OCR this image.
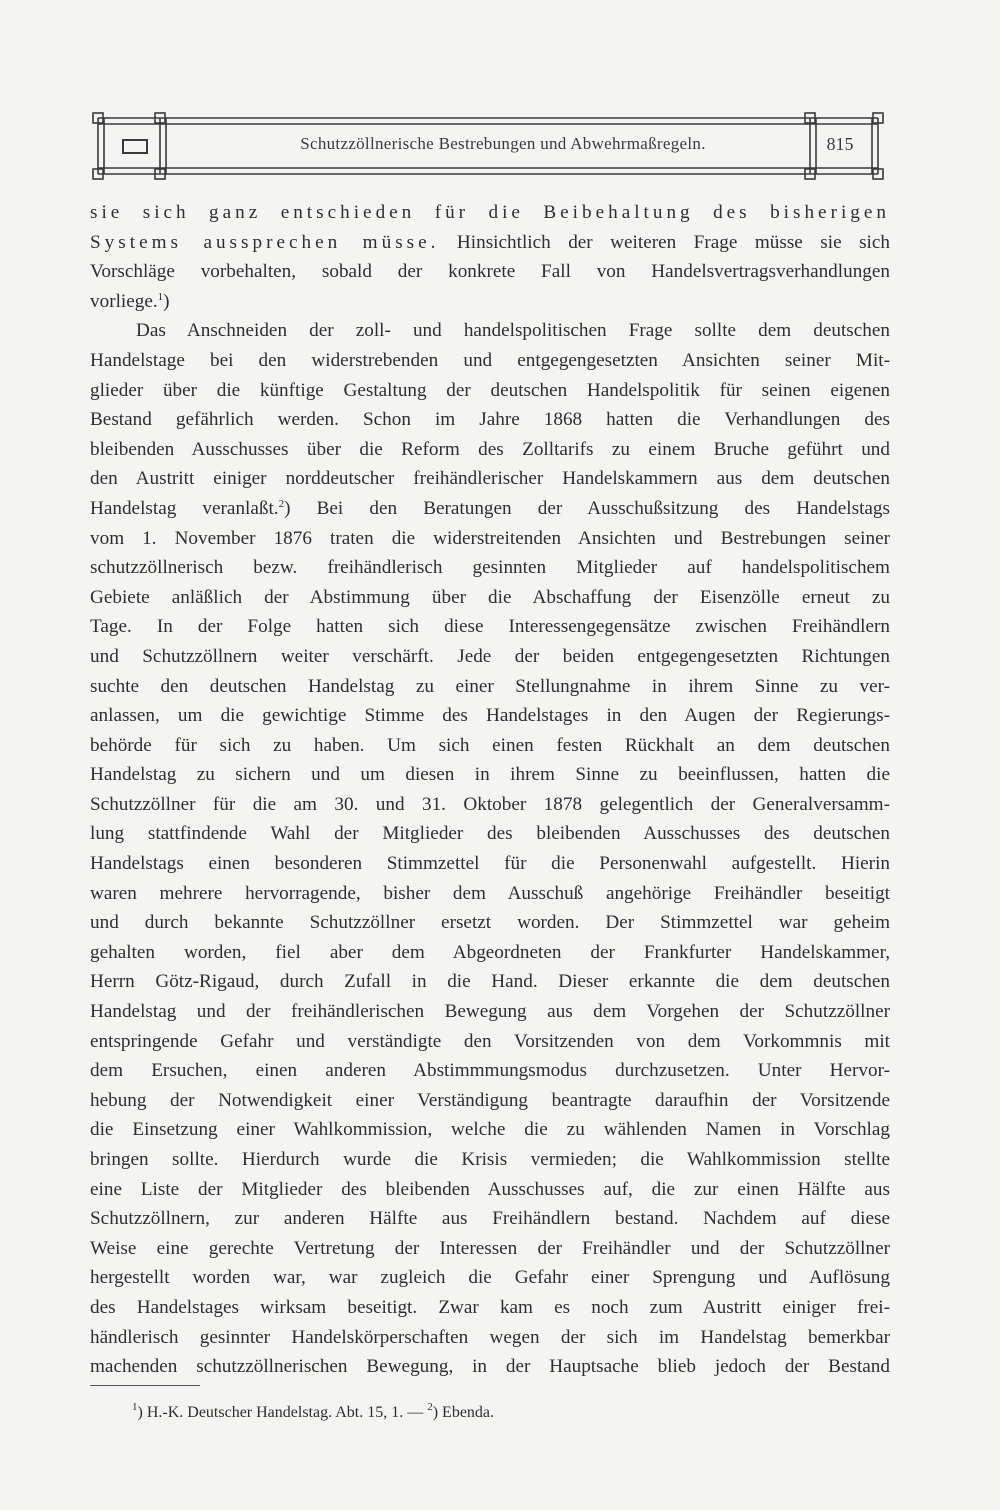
Schutzzöllnerische Bestrebungen und Abwehrmaßregeln.	815
sie sich ganz entschieden für die Beibehaltung des bisherigen
Systems aussprechen müsse. Hinsichtlich der weiteren Frage müsse sie sich
Vorschläge vorbehalten, sobald der konkrete Fall von Handelsvertragsverhandlungen
vorliege.$^1$)
Das Anschneiden der zoll- und handelspolitischen Frage sollte dem deutschen
Handelstage bei den widerstrebenden und entgegengesetzten Ansichten seiner Mit-
glieder über die künftige Gestaltung der deutschen Handelspolitik für seinen eigenen
Bestand gefährlich werden. Schon im Jahre 1868 hatten die Verhandlungen des
bleibenden Ausschusses über die Reform des Zolltarifs zu einem Bruche geführt und
den Austritt einiger norddeutscher freihändlerischer Handelskammern aus dem deutschen
Handelstag veranlaßt.$^2$) Bei den Beratungen der Ausschußsitzung des Handelstags
vom 1. November 1876 traten die widerstreitenden Ansichten und Bestrebungen seiner
schutzzöllnerisch bezw. freihändlerisch gesinnten Mitglieder auf handelspolitischem
Gebiete anläßlich der Abstimmung über die Abschaffung der Eisenzölle erneut zu
Tage. In der Folge hatten sich diese Interessengegensätze zwischen Freihändlern
und Schutzzöllnern weiter verschärft. Jede der beiden entgegengesetzten Richtungen
suchte den deutschen Handelstag zu einer Stellungnahme in ihrem Sinne zu ver-
anlassen, um die gewichtige Stimme des Handelstages in den Augen der Regierungs-
behörde für sich zu haben. Um sich einen festen Rückhalt an dem deutschen
Handelstag zu sichern und um diesen in ihrem Sinne zu beeinflussen, hatten die
Schutzzöllner für die am 30. und 31. Oktober 1878 gelegentlich der Generalversamm-
lung stattfindende Wahl der Mitglieder des bleibenden Ausschusses des deutschen
Handelstags einen besonderen Stimmzettel für die Personenwahl aufgestellt. Hierin
waren mehrere hervorragende, bisher dem Ausschuß angehörige Freihändler beseitigt
und durch bekannte Schutzzöllner ersetzt worden. Der Stimmzettel war geheim
gehalten worden, fiel aber dem Abgeordneten der Frankfurter Handelskammer,
Herrn Götz-Rigaud, durch Zufall in die Hand. Dieser erkannte die dem deutschen
Handelstag und der freihändlerischen Bewegung aus dem Vorgehen der Schutzzöllner
entspringende Gefahr und verständigte den Vorsitzenden von dem Vorkommnis mit
dem Ersuchen, einen anderen Abstimmmungsmodus durchzusetzen. Unter Hervor-
hebung der Notwendigkeit einer Verständigung beantragte daraufhin der Vorsitzende
die Einsetzung einer Wahlkommission, welche die zu wählenden Namen in Vorschlag
bringen sollte. Hierdurch wurde die Krisis vermieden; die Wahlkommission stellte
eine Liste der Mitglieder des bleibenden Ausschusses auf, die zur einen Hälfte aus
Schutzzöllnern, zur anderen Hälfte aus Freihändlern bestand. Nachdem auf diese
Weise eine gerechte Vertretung der Interessen der Freihändler und der Schutzzöllner
hergestellt worden war, war zugleich die Gefahr einer Sprengung und Auflösung
des Handelstages wirksam beseitigt. Zwar kam es noch zum Austritt einiger frei-
händlerisch gesinnter Handelskörperschaften wegen der sich im Handelstag bemerkbar
machenden schutzzöllnerischen Bewegung, in der Hauptsache blieb jedoch der Bestand
$^1$) H.-K. Deutscher Handelstag. Abt. 15, 1. — $^2$) Ebenda.
